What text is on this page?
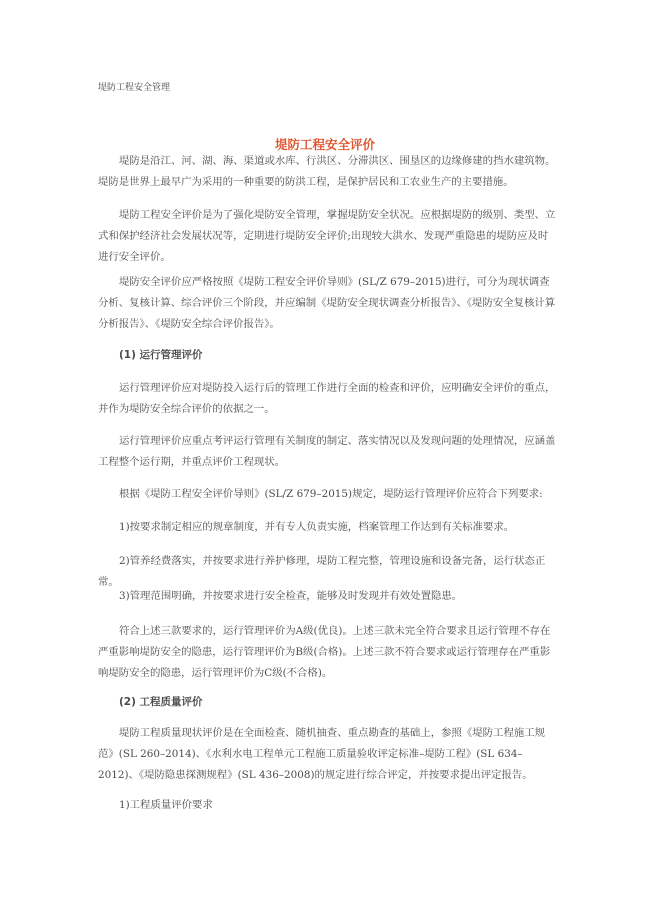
堤防工程安全管理
堤防工程安全评价
堤防是沿江、河、湖、海、渠道或水库、行洪区、分滞洪区、围垦区的边缘修建的挡水建筑物。堤防是世界上最早广为采用的一种重要的防洪工程，是保护居民和工农业生产的主要措施。
堤防工程安全评价是为了强化堤防安全管理，掌握堤防安全状况。应根据堤防的级别、类型、立式和保护经济社会发展状况等，定期进行堤防安全评价;出现较大洪水、发现严重隐患的堤防应及时进行安全评价。
堤防安全评价应严格按照《堤防工程安全评价导则》(SL/Z 679–2015)进行，可分为现状调查分析、复核计算、综合评价三个阶段，并应编制《堤防安全现状调查分析报告》、《堤防安全复核计算分析报告》、《堤防安全综合评价报告》。
(1) 运行管理评价
运行管理评价应对堤防投入运行后的管理工作进行全面的检查和评价，应明确安全评价的重点，并作为堤防安全综合评价的依据之一。
运行管理评价应重点考评运行管理有关制度的制定、落实情况以及发现问题的处理情况，应涵盖工程整个运行期，并重点评价工程现状。
根据《堤防工程安全评价导则》(SL/Z 679–2015)规定，堤防运行管理评价应符合下列要求:
1)按要求制定相应的规章制度，并有专人负责实施，档案管理工作达到有关标准要求。
2)管养经费落实，并按要求进行养护修理，堤防工程完整，管理设施和设备完备，运行状态正常。
3)管理范围明确，并按要求进行安全检查，能够及时发现并有效处置隐患。
符合上述三款要求的，运行管理评价为A级(优良)。上述三款未完全符合要求且运行管理不存在严重影响堤防安全的隐患，运行管理评价为B级(合格)。上述三款不符合要求或运行管理存在严重影响堤防安全的隐患，运行管理评价为C级(不合格)。
(2) 工程质量评价
堤防工程质量现状评价是在全面检查、随机抽查、重点勘查的基础上，参照《堤防工程施工规范》(SL 260–2014)、《水利水电工程单元工程施工质量验收评定标准–堤防工程》(SL 634–2012)、《堤防隐患探测规程》(SL 436–2008)的规定进行综合评定，并按要求提出评定报告。
1)工程质量评价要求
